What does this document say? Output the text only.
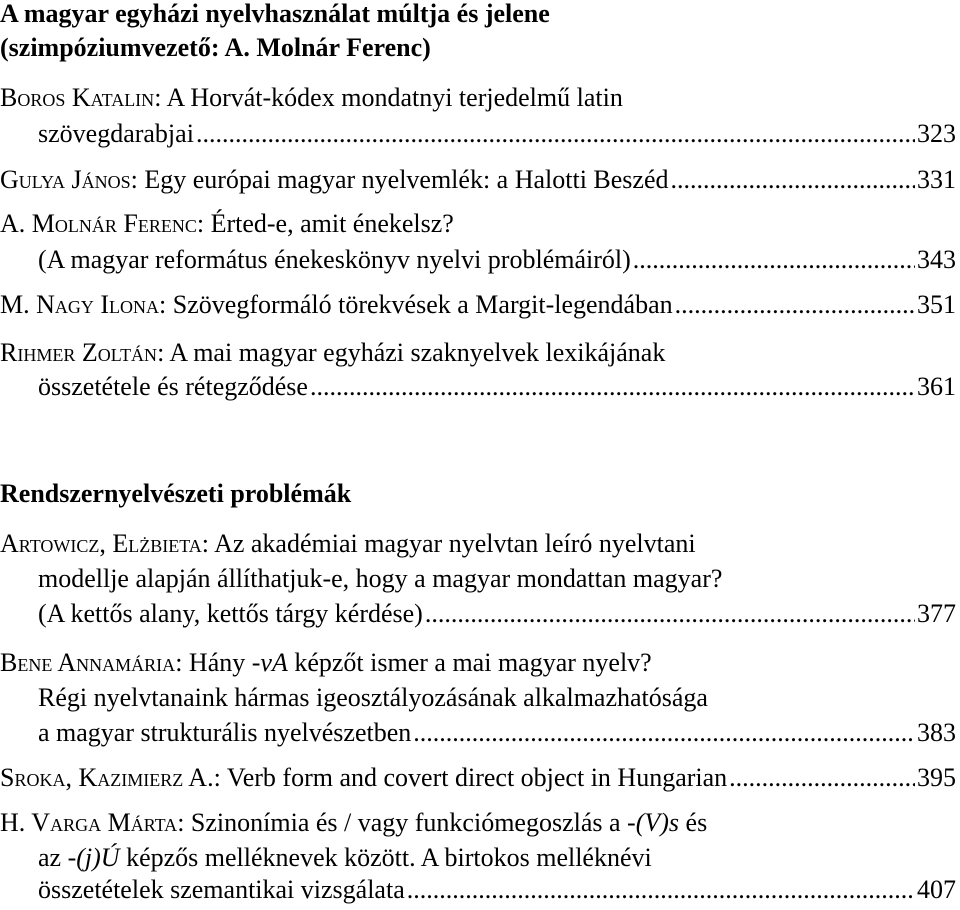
A magyar egyházi nyelvhasználat múltja és jelene
(szimpóziumvezető: A. Molnár Ferenc)
Boros Katalin: A Horvát-kódex mondatnyi terjedelmű latin
szövegdarabjai .....	323
Gulya János: Egy európai magyar nyelvemlék: a Halotti Beszéd .....	331
A. Molnár Ferenc: Érted-e, amit énekelsz?
(A magyar református énekeskönyv nyelvi problémáiról) .....	343
M. Nagy Ilona: Szövegformáló törekvések a Margit-legendában .....	351
Rihmer Zoltán: A mai magyar egyházi szaknyelvek lexikájának
összetétele és rétegződése .....	361
Rendszernyelvészeti problémák
Artowicz, Elżbieta: Az akadémiai magyar nyelvtan leíró nyelvtani
modellje alapján állíthatjuk-e, hogy a magyar mondattan magyar?
(A kettős alany, kettős tárgy kérdése) .....	377
Bene Annamária: Hány -vA képzőt ismer a mai magyar nyelv?
Régi nyelvtanaink hármas igeosztályozásának alkalmazhatósága
a magyar strukturális nyelvészetben .....	383
Sroka, Kazimierz A.: Verb form and covert direct object in Hungarian .....	395
H. Varga Márta: Szinonímia és / vagy funkciómegoszlás a -(V)s és
az -(j)Ú képzős melléknevek között. A birtokos melléknévi
összetételek szemantikai vizsgálata .....	407
